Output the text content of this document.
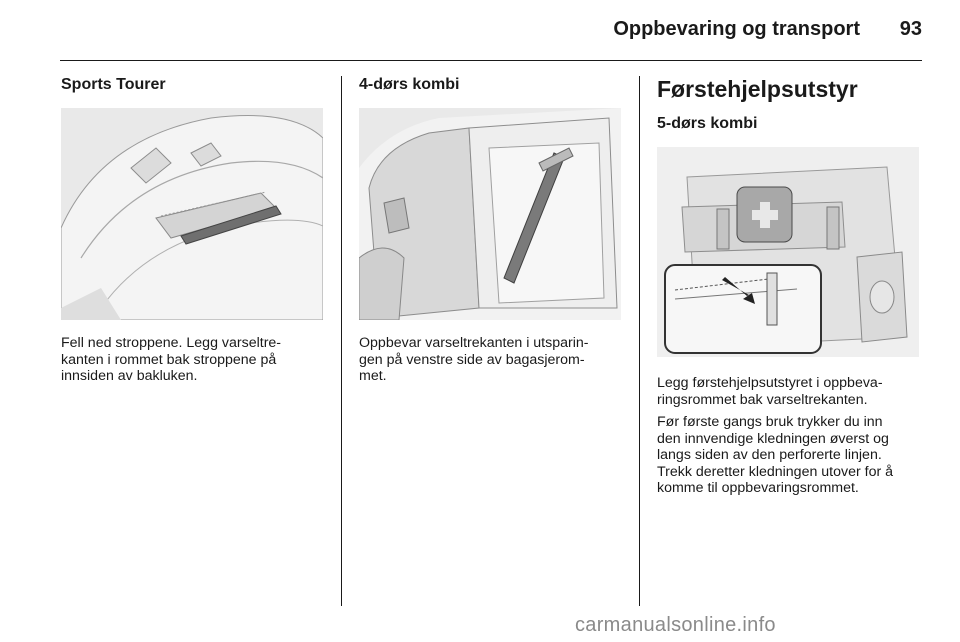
Oppbevaring og transport	93
Sports Tourer

Fell ned stroppene. Legg varseltre-
kanten i rommet bak stroppene på
innsiden av bakluken.

4-dørs kombi

Oppbevar varseltrekanten i utsparin-
gen på venstre side av bagasjerom-
met.

Førstehjelpsutstyr
5-dørs kombi

Legg førstehjelpsutstyret i oppbeva-
ringsrommet bak varseltrekanten.

Før første gangs bruk trykker du inn
den innvendige kledningen øverst og
langs siden av den perforerte linjen.
Trekk deretter kledningen utover for å
komme til oppbevaringsrommet.

carmanualsonline.info
